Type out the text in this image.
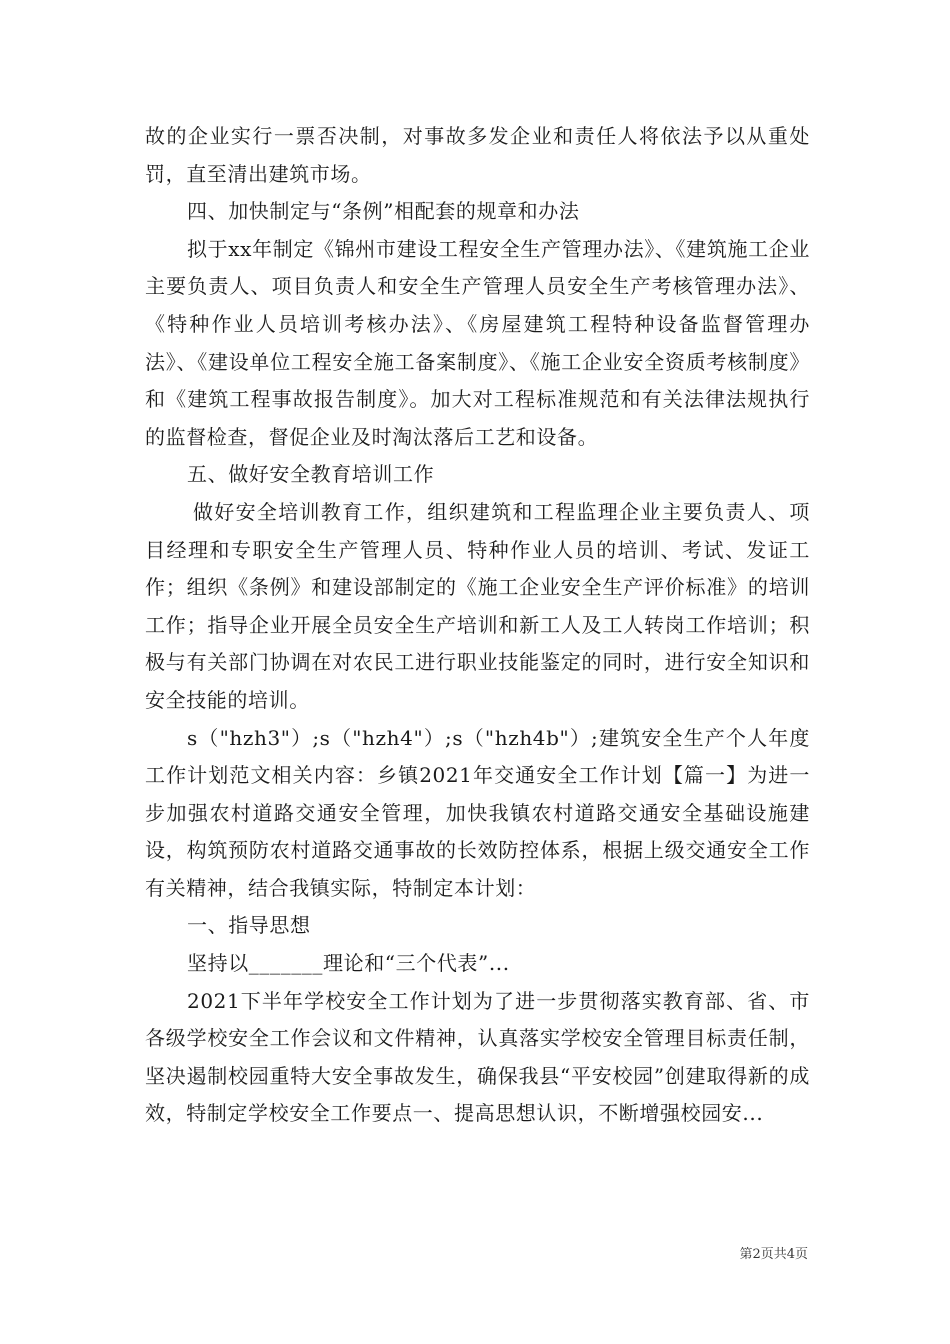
故的企业实行一票否决制，对事故多发企业和责任人将依法予以从重处罚，直至清出建筑市场。

四、加快制定与“条例”相配套的规章和办法

拟于xx年制定《锦州市建设工程安全生产管理办法》、《建筑施工企业主要负责人、项目负责人和安全生产管理人员安全生产考核管理办法》、《特种作业人员培训考核办法》、《房屋建筑工程特种设备监督管理办法》、《建设单位工程安全施工备案制度》、《施工企业安全资质考核制度》和《建筑工程事故报告制度》。加大对工程标准规范和有关法律法规执行的监督检查，督促企业及时淘汰落后工艺和设备。

五、做好安全教育培训工作

做好安全培训教育工作，组织建筑和工程监理企业主要负责人、项目经理和专职安全生产管理人员、特种作业人员的培训、考试、发证工作；组织《条例》和建设部制定的《施工企业安全生产评价标准》的培训工作；指导企业开展全员安全生产培训和新工人及工人转岗工作培训；积极与有关部门协调在对农民工进行职业技能鉴定的同时，进行安全知识和安全技能的培训。

s（"hzh3"）;s（"hzh4"）;s（"hzh4b"）;建筑安全生产个人年度工作计划范文相关内容：乡镇2021年交通安全工作计划【篇一】为进一步加强农村道路交通安全管理，加快我镇农村道路交通安全基础设施建设，构筑预防农村道路交通事故的长效防控体系，根据上级交通安全工作有关精神，结合我镇实际，特制定本计划：

一、指导思想

坚持以_______理论和“三个代表”...

2021下半年学校安全工作计划为了进一步贯彻落实教育部、省、市各级学校安全工作会议和文件精神，认真落实学校安全管理目标责任制，坚决遏制校园重特大安全事故发生，确保我县“平安校园”创建取得新的成效，特制定学校安全工作要点一、提高思想认识，不断增强校园安...

第2页共4页
